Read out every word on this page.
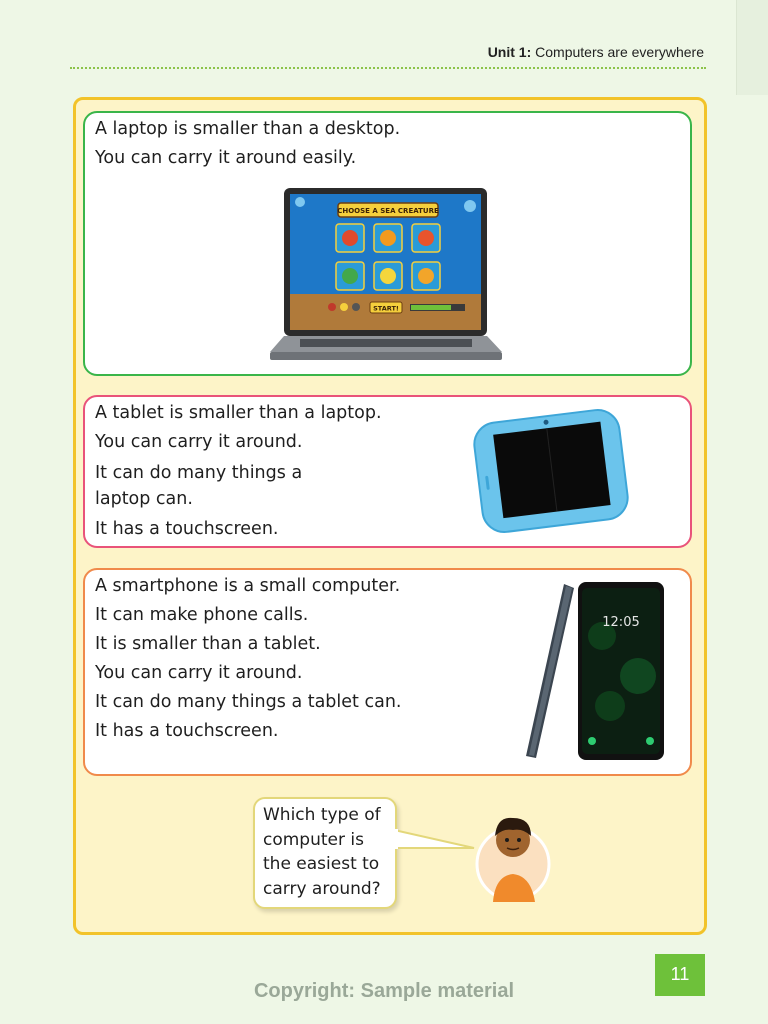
Unit 1: Computers are everywhere
A laptop is smaller than a desktop.
You can carry it around easily.
CHOOSE A SEA CREATURE
START!
A tablet is smaller than a laptop.
You can carry it around.
It can do many things a laptop can.
It has a touchscreen.
A smartphone is a small computer.
It can make phone calls.
It is smaller than a tablet.
You can carry it around.
It can do many things a tablet can.
It has a touchscreen.
12:05
Which type of
computer is
the easiest to
carry around?
11
Copyright: Sample material
